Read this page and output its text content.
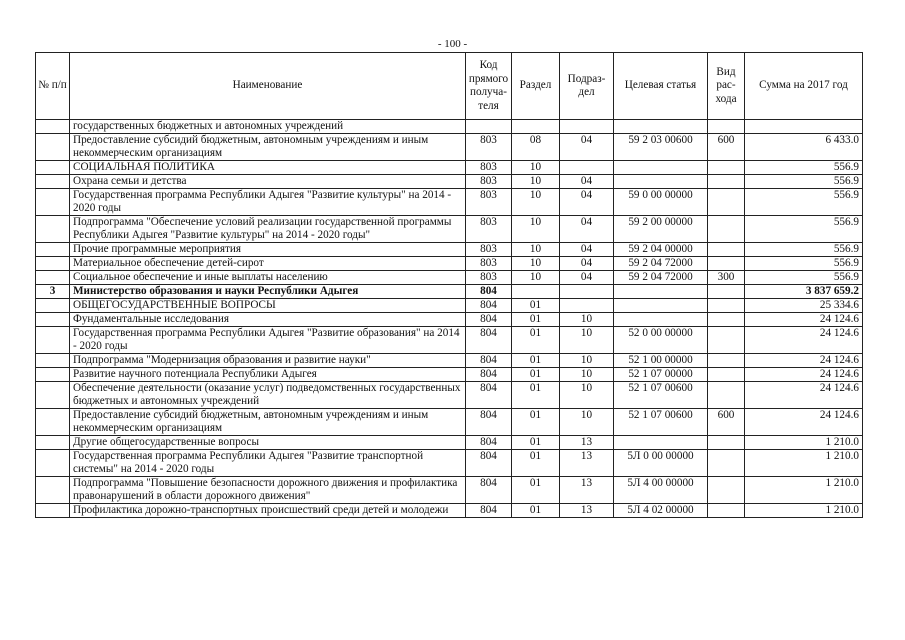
- 100 -
№ п/п	Наименование	Код прямого получа-теля	Раздел	Подраз-дел	Целевая статья	Вид рас-хода	Сумма на 2017 год
	государственных бюджетных и автономных учреждений						
	Предоставление субсидий бюджетным, автономным учреждениям и иным некоммерческим организациям	803	08	04	59 2 03 00600	600	6 433.0
	СОЦИАЛЬНАЯ ПОЛИТИКА	803	10				556.9
	Охрана семьи и детства	803	10	04			556.9
	Государственная программа Республики Адыгея "Развитие культуры" на 2014 - 2020 годы	803	10	04	59 0 00 00000		556.9
	Подпрограмма "Обеспечение условий реализации государственной программы Республики Адыгея "Развитие культуры" на 2014 - 2020 годы"	803	10	04	59 2 00 00000		556.9
	Прочие программные мероприятия	803	10	04	59 2 04 00000		556.9
	Материальное обеспечение детей-сирот	803	10	04	59 2 04 72000		556.9
	Социальное обеспечение и иные выплаты населению	803	10	04	59 2 04 72000	300	556.9
3	Министерство образования и науки Республики Адыгея	804					3 837 659.2
	ОБЩЕГОСУДАРСТВЕННЫЕ ВОПРОСЫ	804	01				25 334.6
	Фундаментальные исследования	804	01	10			24 124.6
	Государственная программа Республики Адыгея "Развитие образования" на 2014 - 2020 годы	804	01	10	52 0 00 00000		24 124.6
	Подпрограмма "Модернизация образования и развитие науки"	804	01	10	52 1 00 00000		24 124.6
	Развитие научного потенциала Республики Адыгея	804	01	10	52 1 07 00000		24 124.6
	Обеспечение деятельности (оказание услуг) подведомственных государственных бюджетных и автономных учреждений	804	01	10	52 1 07 00600		24 124.6
	Предоставление субсидий бюджетным, автономным учреждениям и иным некоммерческим организациям	804	01	10	52 1 07 00600	600	24 124.6
	Другие общегосударственные вопросы	804	01	13			1 210.0
	Государственная программа Республики Адыгея "Развитие транспортной системы" на 2014 - 2020 годы	804	01	13	5Л 0 00 00000		1 210.0
	Подпрограмма "Повышение безопасности дорожного движения и профилактика правонарушений в области дорожного движения"	804	01	13	5Л 4 00 00000		1 210.0
	Профилактика дорожно-транспортных происшествий среди детей и молодежи	804	01	13	5Л 4 02 00000		1 210.0
